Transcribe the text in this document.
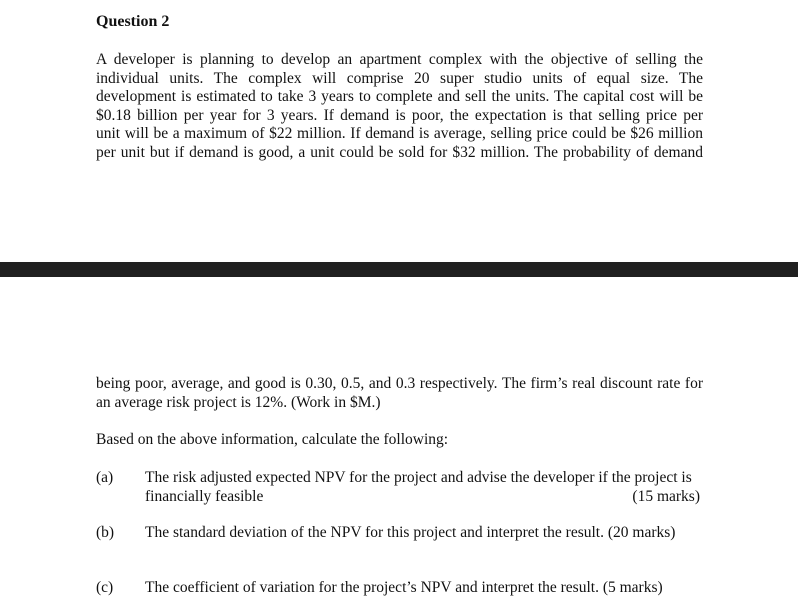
Question 2
A developer is planning to develop an apartment complex with the objective of selling the
individual units. The complex will comprise 20 super studio units of equal size. The
development is estimated to take 3 years to complete and sell the units. The capital cost will be
$0.18 billion per year for 3 years. If demand is poor, the expectation is that selling price per
unit will be a maximum of $22 million. If demand is average, selling price could be $26 million
per unit but if demand is good, a unit could be sold for $32 million. The probability of demand
being poor, average, and good is 0.30, 0.5, and 0.3 respectively. The firm’s real discount rate for
an average risk project is 12%. (Work in $M.)
Based on the above information, calculate the following:
(a) The risk adjusted expected NPV for the project and advise the developer if the project is
financially feasible	(15 marks)
(b) The standard deviation of the NPV for this project and interpret the result. (20 marks)
(c) The coefficient of variation for the project’s NPV and interpret the result. (5 marks)
